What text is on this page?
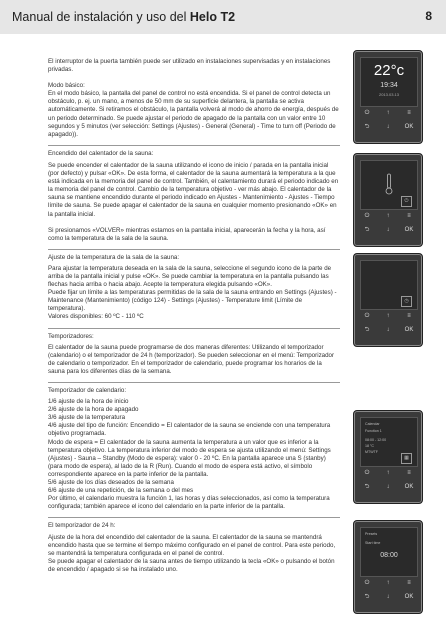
Manual de instalación y uso del Helo T2	8

El interruptor de la puerta también puede ser utilizado en instalaciones supervisadas y en instalaciones privadas.

Modo básico:

En el modo básico, la pantalla del panel de control no está encendida. Si el panel de control detecta un obstáculo, p. ej. un mano, a menos de 50 mm de su superficie delantera, la pantalla se activa automáticamente. Si retiramos el obstáculo, la pantalla volverá al modo de ahorro de energía, después de un periodo determinado. Se puede ajustar el periodo de apagado de la pantalla con un valor entre 10 segundos y 5 minutos (ver selección: Settings (Ajustes) - General (General) - Time to turn off (Periodo de apagado)).

Encendido del calentador de la sauna:

Se puede encender el calentador de la sauna utilizando el icono de inicio / parada en la pantalla inicial (por defecto) y pulsar «OK». De esta forma, el calentador de la sauna aumentará la temperatura a la que está indicada en la memoria del panel de control. También, el calentamiento durará el periodo indicado en la memoria del panel de control. Cambio de la temperatura objetivo - ver más abajo. El calentador de la sauna se mantiene encendido durante el periodo indicado en Ajustes - Mantenimiento - Ajustes - Tiempo límite de sauna. Se puede apagar el calentador de la sauna en cualquier momento presionando «OK» en la pantalla inicial.

Si presionamos «VOLVER» mientras estamos en la pantalla inicial, aparecerán la fecha y la hora, así como la temperatura de la sala de la sauna.

Ajuste de la temperatura de la sala de la sauna:

Para ajustar la temperatura deseada en la sala de la sauna, seleccione el segundo icono de la parte de arriba de la pantalla inicial y pulse «OK». Se puede cambiar la temperatura en la pantalla pulsando las flechas hacia arriba o hacia abajo. Acepte la temperatura elegida pulsando «OK».

Puede fijar un límite a las temperaturas permitidas de la sala de la sauna entrando en Settings (Ajustes) - Maintenance (Mantenimiento) (código 124) - Settings (Ajustes) - Temperature limit (Límite de temperatura).

Valores disponibles: 60 ºC - 110 ºC

Temporizadores:

El calentador de la sauna puede programarse de dos maneras diferentes: Utilizando el temporizador (calendario) o el temporizador de 24 h (temporizador). Se pueden seleccionar en el menú: Temporizador de calendario o temporizador. En el temporizador de calendario, puede programar los horarios de la sauna para los diferentes días de la semana.

Temporizador de calendario:

1/6 ajuste de la hora de inicio

2/6 ajuste de la hora de apagado

3/6 ajuste de la temperatura

4/6 ajuste del tipo de función: Encendido = El calentador de la sauna se enciende con una temperatura objetivo programada.

Modo de espera = El calentador de la sauna aumenta la temperatura a un valor que es inferior a la temperatura objetivo. La temperatura inferior del modo de espera se ajusta utilizando el menú: Settings (Ajustes) - Sauna – Standby (Modo de espera): valor 0 - 20 ºC. En la pantalla aparece una S (stanby) (para modo de espera), al lado de la R (Run). Cuando el modo de espera está activo, el símbolo correspondiente aparece en la parte inferior de la pantalla.

5/6 ajuste de los días deseados de la semana

6/6 ajuste de una repetición, de la semana o del mes

Por último, el calendario muestra la función 1, las horas y días seleccionados, así como la temperatura configurada; también aparece el icono del calendario en la parte inferior de la pantalla.

El temporizador de 24 h:

Ajuste de la hora del encendido del calentador de la sauna. El calentador de la sauna se mantendrá encendido hasta que se termine el tiempo máximo configurado en el panel de control. Para este periodo, se mantendrá la temperatura configurada en el panel de control.

Se puede apagar el calentador de la sauna antes de tiempo utilizando la tecla «OK» o pulsando el botón de encendido / apagado si se ha instalado uno.

22°c
19:34
2013.03.13
⏻	↑	≡
⮌	↓	OK
⏻
⏻	↑	≡
⮌	↓	OK
◷
⏻	↑	≡
⮌	↓	OK
Calendar
Function 1
08:00 - 12:00
18 °C
MTWTF
▦
⏻	↑	≡
⮌	↓	OK
Presets
Start time
08:00
⏻	↑	≡
⮌	↓	OK
